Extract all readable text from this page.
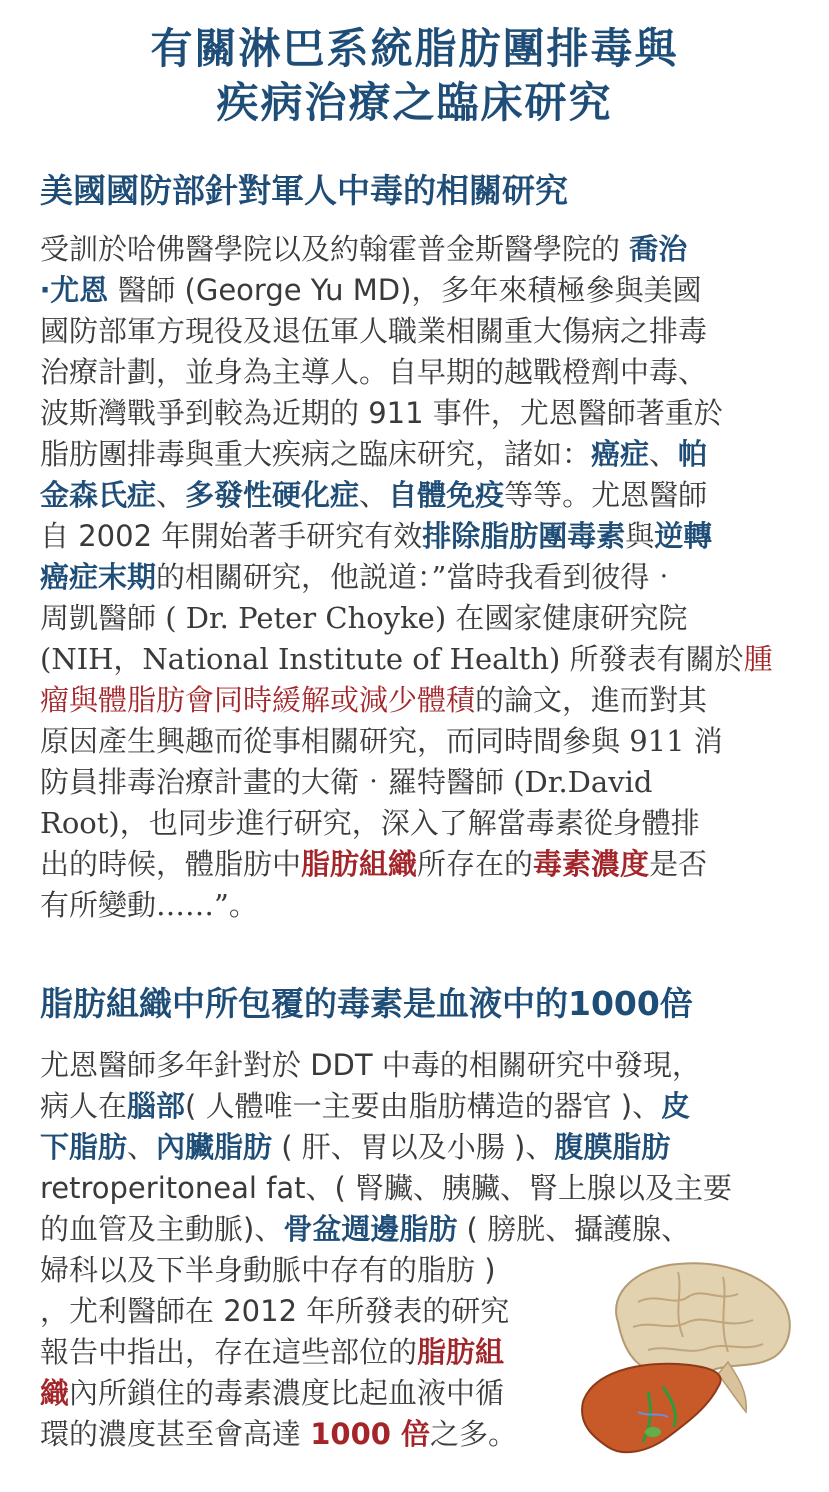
有關淋巴系統脂肪團排毒與
疾病治療之臨床研究
美國國防部針對軍人中毒的相關研究
受訓於哈佛醫學院以及約翰霍普金斯醫學院的 喬治
‧尤恩 醫師 (George Yu MD)，多年來積極參與美國
國防部軍方現役及退伍軍人職業相關重大傷病之排毒
治療計劃，並身為主導人。自早期的越戰橙劑中毒、
波斯灣戰爭到較為近期的 911 事件，尤恩醫師著重於
脂肪團排毒與重大疾病之臨床研究，諸如：癌症、帕
金森氏症、多發性硬化症、自體免疫等等。尤恩醫師
自 2002 年開始著手研究有效排除脂肪團毒素與逆轉
癌症末期的相關研究，他説道：”當時我看到彼得‧
周凱醫師 ( Dr. Peter Choyke) 在國家健康研究院
(NIH，National Institute of Health) 所發表有關於腫
瘤與體脂肪會同時緩解或減少體積的論文，進而對其
原因產生興趣而從事相關研究，而同時間參與 911 消
防員排毒治療計畫的大衛‧羅特醫師 (Dr.David
Root)，也同步進行研究，深入了解當毒素從身體排
出的時候，體脂肪中脂肪組織所存在的毒素濃度是否
有所變動……”。
脂肪組織中所包覆的毒素是血液中的1000倍
尤恩醫師多年針對於 DDT 中毒的相關研究中發現，
病人在腦部( 人體唯一主要由脂肪構造的器官 )、皮
下脂肪、內臟脂肪 ( 肝、胃以及小腸 )、腹膜脂肪
retroperitoneal fat、( 腎臟、胰臟、腎上腺以及主要
的血管及主動脈)、骨盆週邊脂肪 ( 膀胱、攝護腺、
婦科以及下半身動脈中存有的脂肪 )
，尤利醫師在 2012 年所發表的研究
報告中指出，存在這些部位的脂肪組
織內所鎖住的毒素濃度比起血液中循
環的濃度甚至會高達 1000 倍之多。
